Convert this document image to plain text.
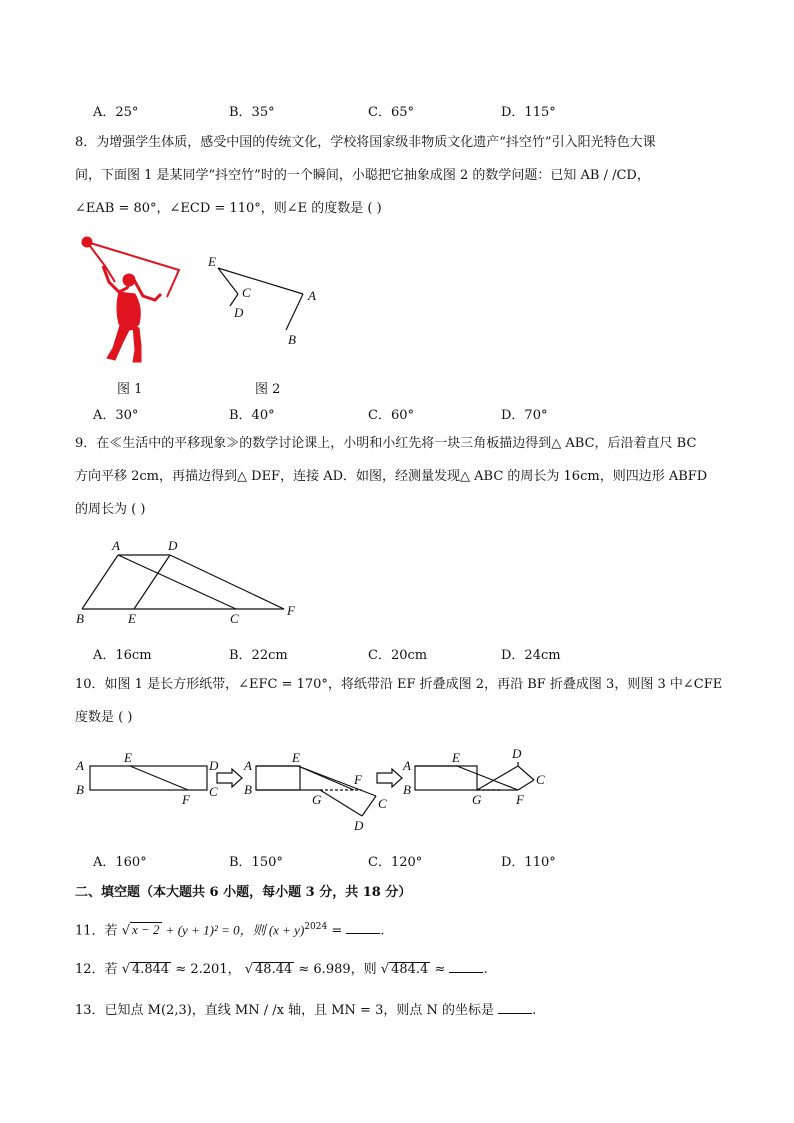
A．25°	B．35°	C．65°	D．115°
8．为增强学生体质，感受中国的传统文化，学校将国家级非物质文化遗产“抖空竹”引入阳光特色大课
间，下面图 1 是某同学“抖空竹”时的一个瞬间，小聪把它抽象成图 2 的数学问题：已知 AB / /CD，
∠EAB = 80°，∠ECD = 110°，则∠E 的度数是 ( )
图 1
E
C
D
A
B
图 2
A．30°	B．40°	C．60°	D．70°
9．在≪生活中的平移现象≫的数学讨论课上，小明和小红先将一块三角板描边得到△ ABC，后沿着直尺 BC
方向平移 2cm，再描边得到△ DEF，连接 AD．如图，经测量发现△ ABC 的周长为 16cm，则四边形 ABFD
的周长为 ( )
A	D
B	E	C
F
A．16cm	B．22cm	C．20cm	D．24cm
10．如图 1 是长方形纸带，∠EFC = 170°，将纸带沿 EF 折叠成图 2，再沿 BF 折叠成图 3，则图 3 中∠CFE
度数是 ( )
A
E
D
B
F
C
A
E
F
B
G	C
D
A
E	D
C
B
G	F
A．160°	B．150°	C．120°	D．110°
二、填空题（本大题共 6 小题，每小题 3 分，共 18 分）
11．若 √ x − 2 + (y + 1)² = 0，则 $(x + y)^{2024}$ =	.
12．若 √ 4.844 ≈ 2.201， √ 48.44 ≈ 6.989，则 √ 484.4 ≈	.
13．已知点 M(2,3)，直线 MN / /x 轴，且 MN = 3，则点 N 的坐标是	.
